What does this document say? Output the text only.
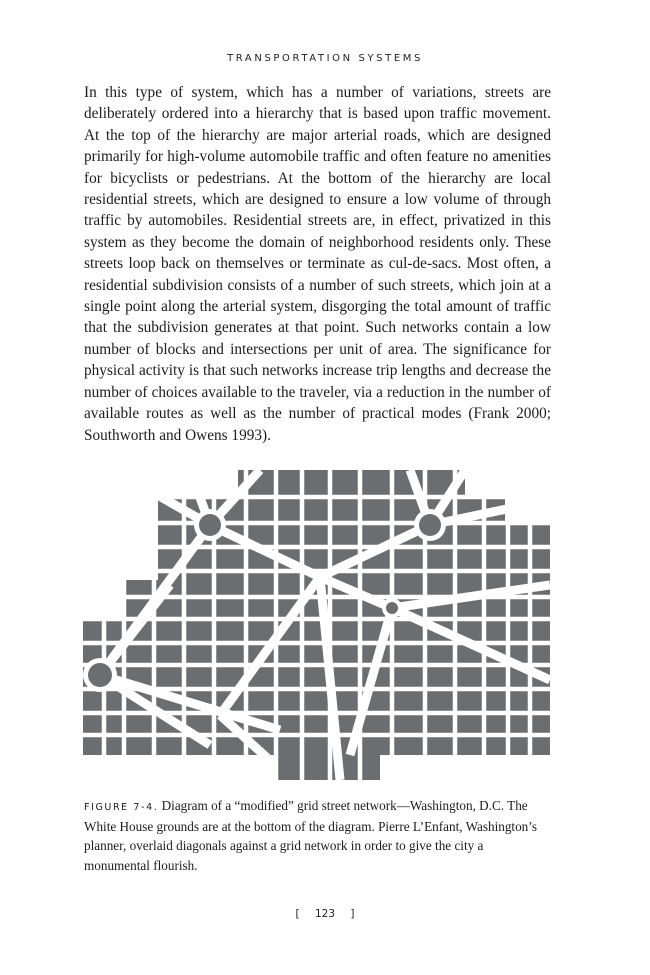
TRANSPORTATION SYSTEMS

In this type of system, which has a number of variations, streets are deliberately ordered into a hierarchy that is based upon traffic movement. At the top of the hierarchy are major arterial roads, which are designed primarily for high-volume automobile traffic and often feature no amenities for bicyclists or pedestrians. At the bottom of the hierarchy are local residential streets, which are designed to ensure a low volume of through traffic by automobiles. Residential streets are, in effect, privatized in this system as they become the domain of neighborhood residents only. These streets loop back on themselves or terminate as cul-de-sacs. Most often, a residential subdivision consists of a number of such streets, which join at a single point along the arterial system, disgorging the total amount of traffic that the subdivision generates at that point. Such networks contain a low number of blocks and intersections per unit of area. The significance for physical activity is that such networks increase trip lengths and decrease the number of choices available to the traveler, via a reduction in the number of available routes as well as the number of practical modes (Frank 2000; Southworth and Owens 1993).

FIGURE 7-4. Diagram of a “modified” grid street network—Washington, D.C. The White House grounds are at the bottom of the diagram. Pierre L’Enfant, Washington’s planner, overlaid diagonals against a grid network in order to give the city a monumental flourish.

[ 123 ]
